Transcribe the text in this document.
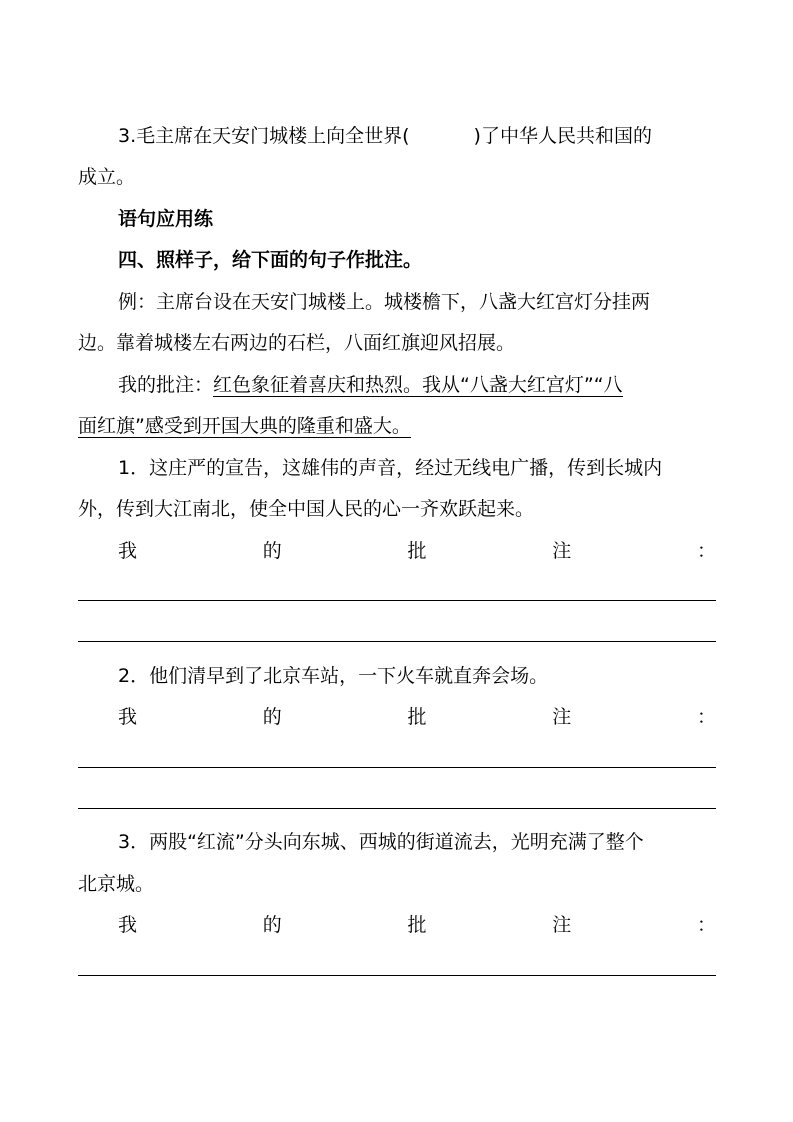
3.毛主席在天安门城楼上向全世界(	)了中华人民共和国的
成立。
语句应用练
四、照样子，给下面的句子作批注。
例：主席台设在天安门城楼上。城楼檐下，八盏大红宫灯分挂两
边。靠着城楼左右两边的石栏，八面红旗迎风招展。
我的批注：红色象征着喜庆和热烈。我从“八盏大红宫灯”“八
面红旗”感受到开国大典的隆重和盛大。
1．这庄严的宣告，这雄伟的声音，经过无线电广播，传到长城内
外，传到大江南北，使全中国人民的心一齐欢跃起来。
我	的	批	注	：
2．他们清早到了北京车站，一下火车就直奔会场。
我	的	批	注	：
3．两股“红流”分头向东城、西城的街道流去，光明充满了整个
北京城。
我	的	批	注	：
